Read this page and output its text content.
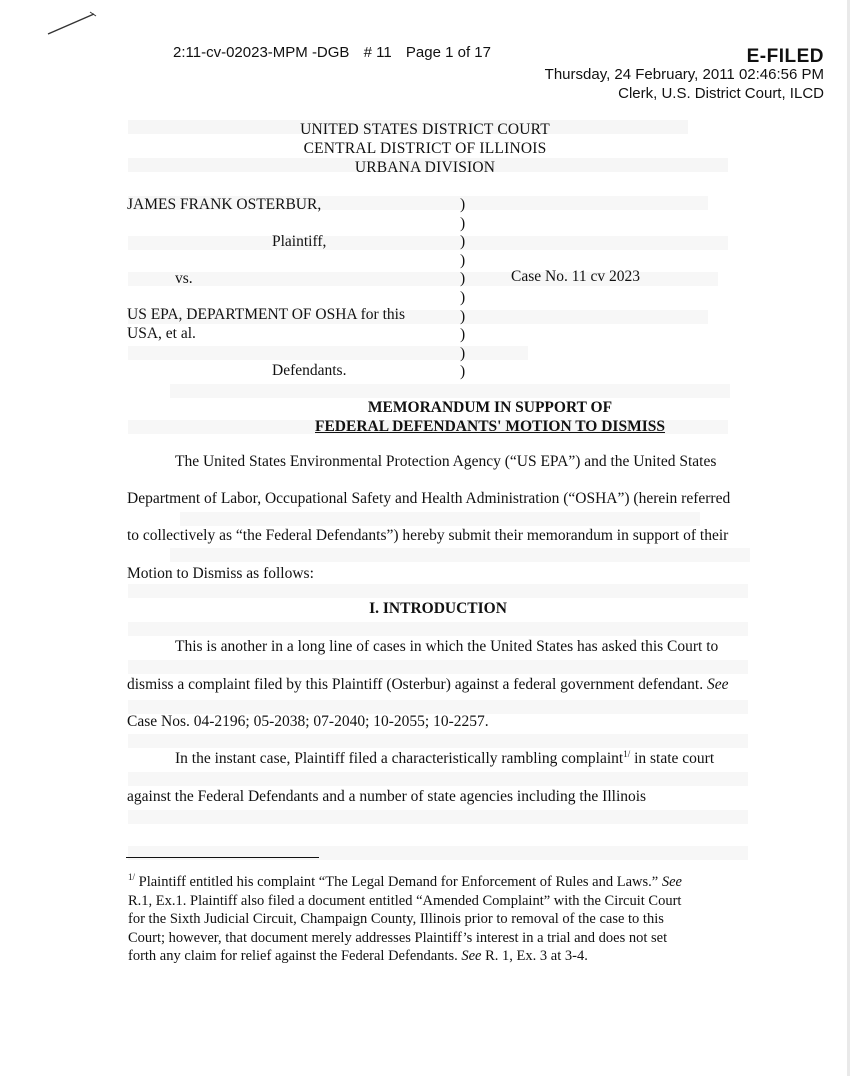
2:11-cv-02023-MPM -DGB # 11 Page 1 of 17	E-FILED
Thursday, 24 February, 2011 02:46:56 PM
Clerk, U.S. District Court, ILCD
UNITED STATES DISTRICT COURT
CENTRAL DISTRICT OF ILLINOIS
URBANA DIVISION
JAMES FRANK OSTERBUR,
Plaintiff,
vs.	Case No. 11 cv 2023
US EPA, DEPARTMENT OF OSHA for this
USA, et al.
Defendants.
)
)
)
)
)
)
)
)
)
)
MEMORANDUM IN SUPPORT OF
FEDERAL DEFENDANTS' MOTION TO DISMISS
The United States Environmental Protection Agency (“US EPA”) and the United States
Department of Labor, Occupational Safety and Health Administration (“OSHA”) (herein referred
to collectively as “the Federal Defendants”) hereby submit their memorandum in support of their
Motion to Dismiss as follows:
I. INTRODUCTION
This is another in a long line of cases in which the United States has asked this Court to
dismiss a complaint filed by this Plaintiff (Osterbur) against a federal government defendant. See
Case Nos. 04-2196; 05-2038; 07-2040; 10-2055; 10-2257.
In the instant case, Plaintiff filed a characteristically rambling complaint$^{1/}$ in state court
against the Federal Defendants and a number of state agencies including the Illinois

$^{1/}$ Plaintiff entitled his complaint “The Legal Demand for Enforcement of Rules and Laws.” See

R.1, Ex.1. Plaintiff also filed a document entitled “Amended Complaint” with the Circuit Court

for the Sixth Judicial Circuit, Champaign County, Illinois prior to removal of the case to this

Court; however, that document merely addresses Plaintiff’s interest in a trial and does not set

forth any claim for relief against the Federal Defendants. See R. 1, Ex. 3 at 3-4.
